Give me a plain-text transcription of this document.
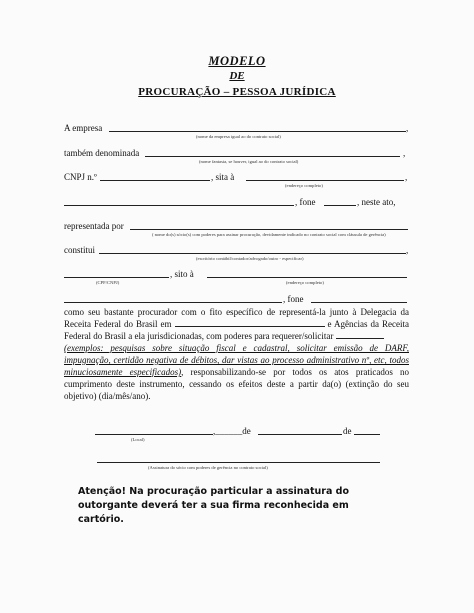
MODELO
DE
PROCURAÇÃO – PESSOA JURÍDICA
A empresa	,
(nome da empresa igual ao do contrato social)
também denominada	,
(nome fantasia, se houver, igual ao do contrato social)
CNPJ n.º	, sita à	,
(endereço completo)
, fone	, neste ato,
representada por
( nome do(s) sócio(s) com poderes para assinar procuração, devidamente indicado no contrato social com cláusula de gerência)
constitui	,
(escritório contábil/contador/advogado/outro - especificar)
, sito à
(CPF/CNPJ)	(endereço completo)
, fone

como seu bastante procurador com o fito específico de representá-la junto à Delegacia da Receita Federal do Brasil em	e Agências da Receita Federal do Brasil a ela jurisdicionadas, com poderes para requerer/solicitar

(exemplos: pesquisas sobre situação fiscal e cadastral, solicitar emissão de DARF, impugnação, certidão negativa de débitos, dar vistas ao processo administrativo nº, etc, todos minuciosamente especificados), responsabilizando-se por todos os atos praticados no cumprimento deste instrumento, cessando os efeitos deste a partir da(o) (extinção do seu objetivo) (dia/mês/ano).

,______de	de
(Local)
(Assinatura do sócio com poderes de gerência no contrato social)
Atenção! Na procuração particular a assinatura do
outorgante deverá ter a sua firma reconhecida em cartório.
